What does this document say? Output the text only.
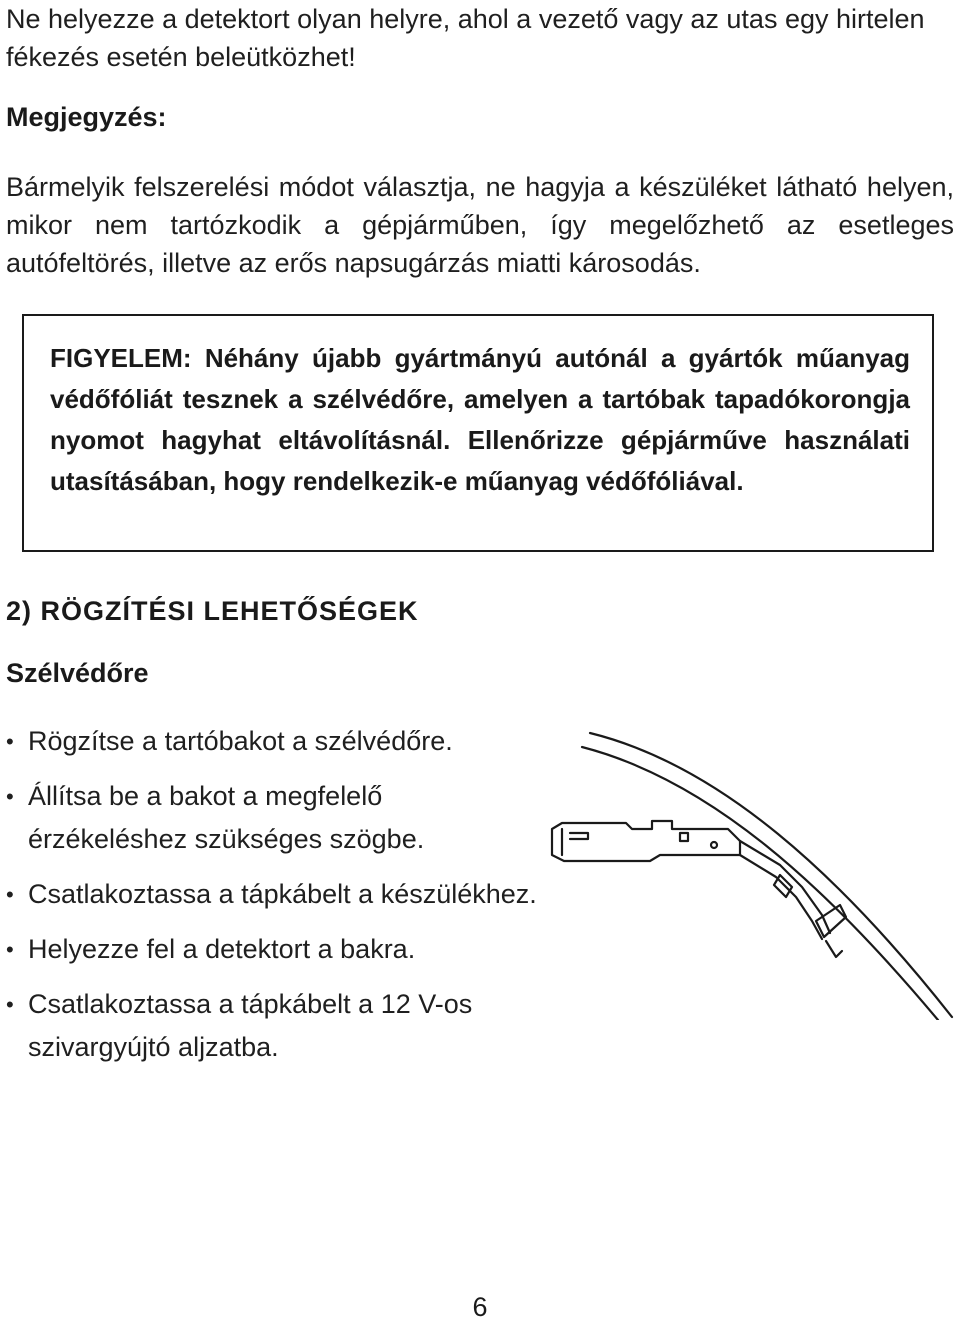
Ne helyezze a detektort olyan helyre, ahol a vezető vagy az utas egy hirtelen fékezés esetén beleütközhet!

Megjegyzés:

Bármelyik felszerelési módot választja, ne hagyja a készüléket látható helyen, mikor nem tartózkodik a gépjárműben, így megelőzhető az esetleges autófeltörés, illetve az erős napsugárzás miatti károsodás.

FIGYELEM: Néhány újabb gyártmányú autónál a gyártók műanyag védőfóliát tesznek a szélvédőre, amelyen a tartóbak tapadókorongja nyomot hagyhat eltávolításnál. Ellenőrizze gépjárműve használati utasításában, hogy rendelkezik-e műanyag védőfóliával.

2) RÖGZÍTÉSI LEHETŐSÉGEK
Szélvédőre
• Rögzítse a tartóbakot a szélvédőre.
• Állítsa be a bakot a megfelelő érzékeléshez szükséges szögbe.
• Csatlakoztassa a tápkábelt a készülékhez.
• Helyezze fel a detektort a bakra.
• Csatlakoztassa a tápkábelt a 12 V-os szivargyújtó aljzatba.

6
